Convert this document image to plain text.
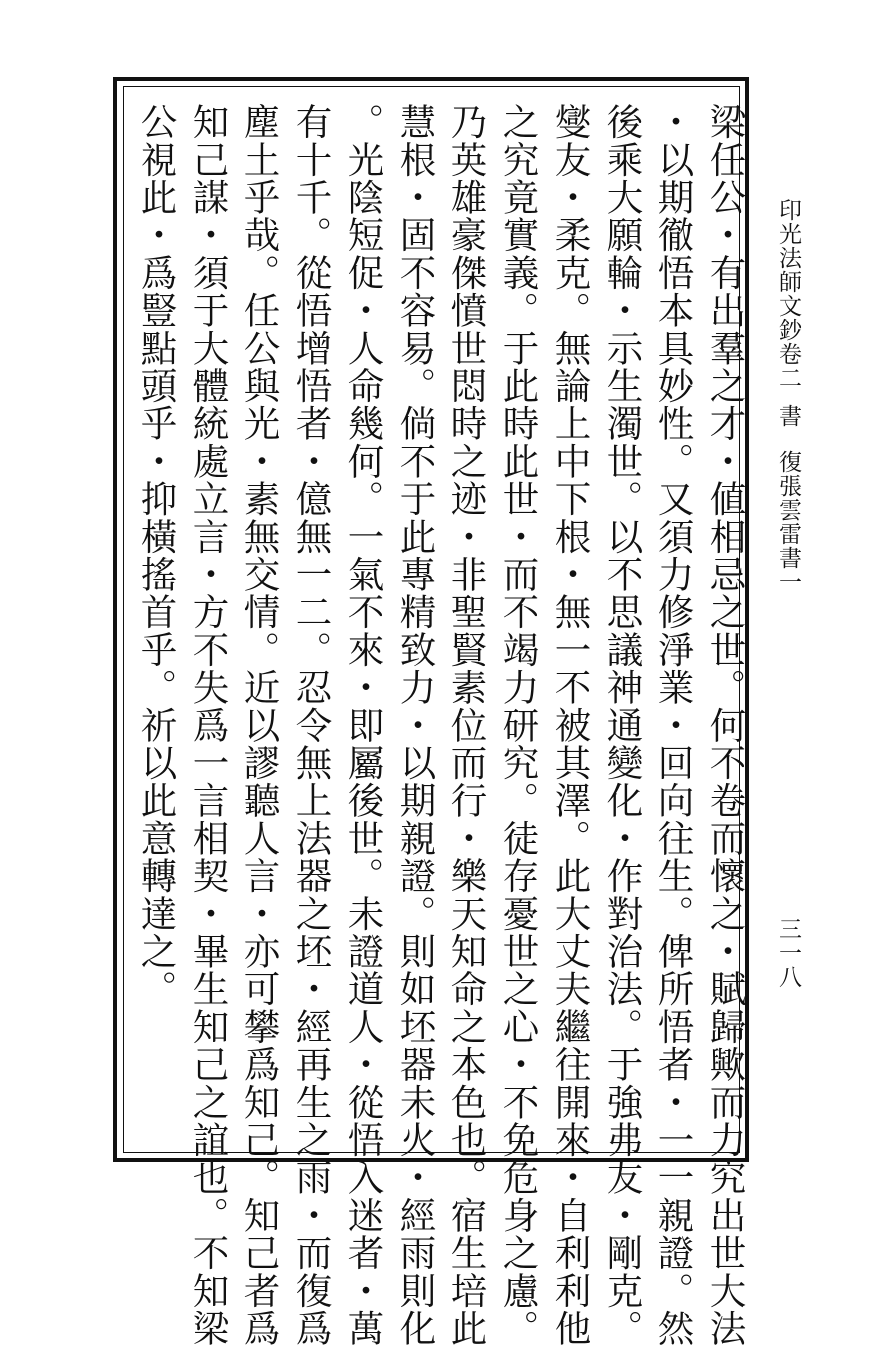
印光法師文鈔卷二書復張雲雷書一
三一八
梁任公・有出羣之才・値相忌之世。何不卷而懷之・賦歸歟而力究出世大法
・以期徹悟本具妙性。又須力修淨業・回向往生。俾所悟者・一一親證。然
後乘大願輪・示生濁世。以不思議神通變化・作對治法。于強弗友・剛克。
燮友・柔克。無論上中下根・無一不被其澤。此大丈夫繼往開來・自利利他
之究竟實義。于此時此世・而不竭力研究。徒存憂世之心・不免危身之慮。
乃英雄豪傑憤世悶時之迹・非聖賢素位而行・樂天知命之本色也。宿生培此
慧根・固不容易。倘不于此專精致力・以期親證。則如坯器未火・經雨則化
。光陰短促・人命幾何。一氣不來・即屬後世。未證道人・從悟入迷者・萬
有十千。從悟增悟者・億無一二。忍令無上法器之坯・經再生之雨・而復爲
塵土乎哉。任公與光・素無交情。近以謬聽人言・亦可攀爲知己。知己者爲
知己謀・須于大體統處立言・方不失爲一言相契・畢生知己之誼也。不知梁
公視此・爲豎點頭乎・抑橫搖首乎。祈以此意轉達之。
